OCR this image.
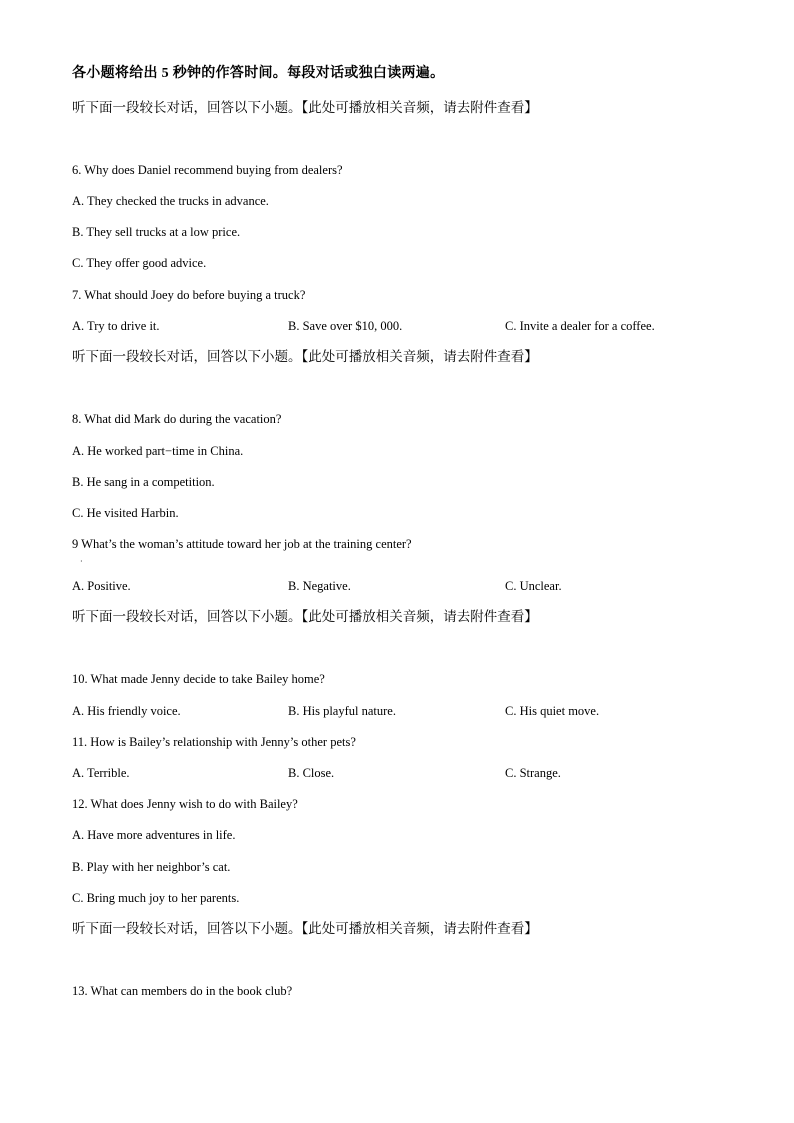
各小题将给出 5 秒钟的作答时间。每段对话或独白读两遍。
听下面一段较长对话，回答以下小题。【此处可播放相关音频，请去附件查看】
6. Why does Daniel recommend buying from dealers?
A. They checked the trucks in advance.
B. They sell trucks at a low price.
C. They offer good advice.
7. What should Joey do before buying a truck?
A. Try to drive it.	B. Save over $10, 000.	C. Invite a dealer for a coffee.
听下面一段较长对话，回答以下小题。【此处可播放相关音频，请去附件查看】
8. What did Mark do during the vacation?
A. He worked part−time in China.
B. He sang in a competition.
C. He visited Harbin.
9 What’s the woman’s attitude toward her job at the training center?
·
A. Positive.	B. Negative.	C. Unclear.
听下面一段较长对话，回答以下小题。【此处可播放相关音频，请去附件查看】
10. What made Jenny decide to take Bailey home?
A. His friendly voice.	B. His playful nature.	C. His quiet move.
11. How is Bailey’s relationship with Jenny’s other pets?
A. Terrible.	B. Close.	C. Strange.
12. What does Jenny wish to do with Bailey?
A. Have more adventures in life.
B. Play with her neighbor’s cat.
C. Bring much joy to her parents.
听下面一段较长对话，回答以下小题。【此处可播放相关音频，请去附件查看】
13. What can members do in the book club?
